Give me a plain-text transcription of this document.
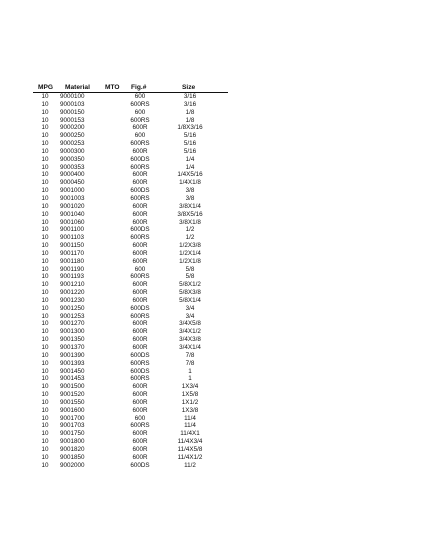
MPG Material MTO Fig.#	Size
10	9000100	600	3/16
10	9000103	600RS	3/16
10	9000150	600	1/8
10	9000153	600RS	1/8
10	9000200	600R	1/8X3/16
10	9000250	600	5/16
10	9000253	600RS	5/16
10	9000300	600R	5/16
10	9000350	600DS	1/4
10	9000353	600RS	1/4
10	9000400	600R	1/4X5/16
10	9000450	600R	1/4X1/8
10	9001000	600DS	3/8
10	9001003	600RS	3/8
10	9001020	600R	3/8X1/4
10	9001040	600R	3/8X5/16
10	9001060	600R	3/8X1/8
10	9001100	600DS	1/2
10	9001103	600RS	1/2
10	9001150	600R	1/2X3/8
10	9001170	600R	1/2X1/4
10	9001180	600R	1/2X1/8
10	9001190	600	5/8
10	9001193	600RS	5/8
10	9001210	600R	5/8X1/2
10	9001220	600R	5/8X3/8
10	9001230	600R	5/8X1/4
10	9001250	600DS	3/4
10	9001253	600RS	3/4
10	9001270	600R	3/4X5/8
10	9001300	600R	3/4X1/2
10	9001350	600R	3/4X3/8
10	9001370	600R	3/4X1/4
10	9001390	600DS	7/8
10	9001393	600RS	7/8
10	9001450	600DS	1
10	9001453	600RS	1
10	9001500	600R	1X3/4
10	9001520	600R	1X5/8
10	9001550	600R	1X1/2
10	9001600	600R	1X3/8
10	9001700	600	11/4
10	9001703	600RS	11/4
10	9001750	600R	11/4X1
10	9001800	600R	11/4X3/4
10	9001820	600R	11/4X5/8
10	9001850	600R	11/4X1/2
10	9002000	600DS	11/2
